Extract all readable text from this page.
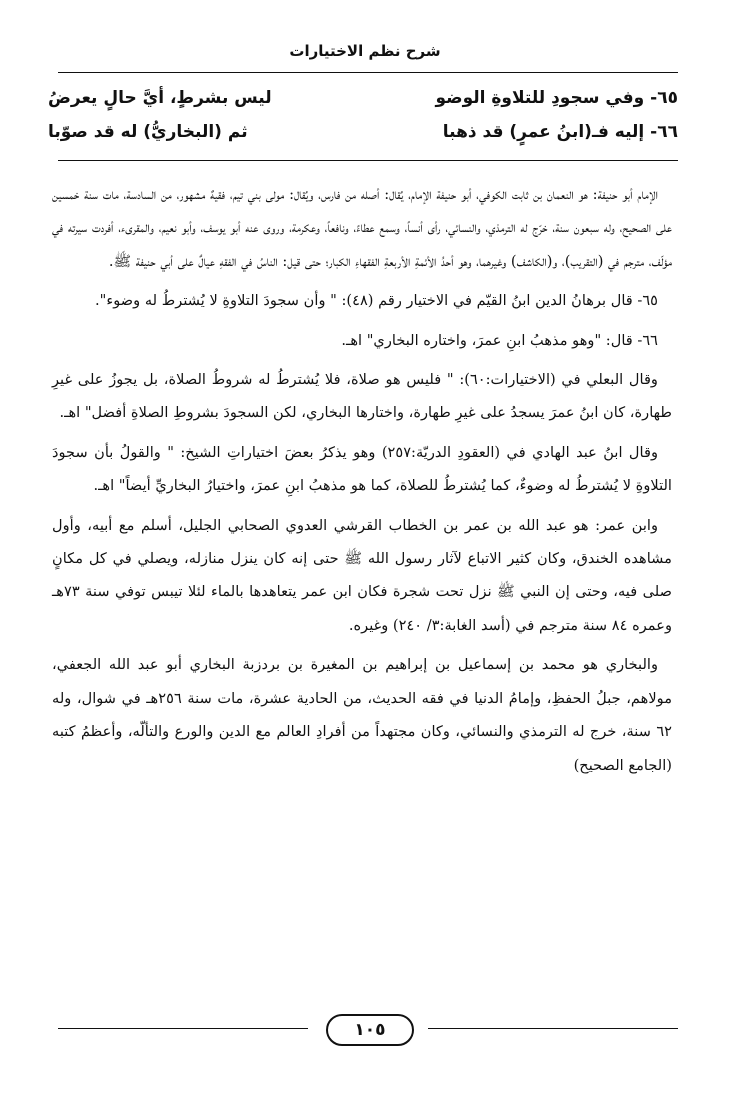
شرح نظم الاختيارات
٦٥- وفي سجودِ للتلاوةِ الوضو
ليس بشرطٍ، أيَّ حالٍ يعرضُ
٦٦- إليه فـ(ابنُ عمرٍ) قد ذهبا
ثم (البخاريُّ) له قد صوّبا

الإمام أبو حنيفة: هو النعمان بن ثابت الكوفي، أبو حنيفة الإمام، يُقال: أصله من فارس، ويُقال: مولى بني تيم، فقيهٌ مشهور، من السادسة، مات سنة خمسين على الصحيح، وله سبعون سنة، خرّج له الترمذي، والنسائي، رأى أنساً، وسمع عطاءً، ونافعاً، وعكرمة، وروى عنه أبو يوسف، وأبو نعيم، والمقرىء، أفردت سيرته في مؤلّف، مترجم في (التقريب)، و(الكاشف) وغيرهما، وهو أحدُ الأئمةِ الأربعةِ الفقهاءِ الكبار؛ حتى قيل: الناسُ في الفقهِ عيالٌ على أبي حنيفة ﷺ.

٦٥- قال برهانُ الدين ابنُ القيّم في الاختيار رقم (٤٨): " وأن سجودَ التلاوةِ لا يُشترطُ له وضوء".

٦٦- قال: "وهو مذهبُ ابنِ عمرَ، واختاره البخاري" اهـ.

وقال البعلي في (الاختيارات:٦٠): " فليس هو صلاة، فلا يُشترطُ له شروطُ الصلاة، بل يجوزُ على غيرِ طهارة، كان ابنُ عمرَ يسجدُ على غيرِ طهارة، واختارها البخاري، لكن السجودَ بشروطِ الصلاةِ أفضل" اهـ.

وقال ابنُ عبد الهادي في (العقودِ الدريّة:٢٥٧) وهو يذكرُ بعضَ اختياراتِ الشيخ: " والقولُ بأن سجودَ التلاوةِ لا يُشترطُ له وضوءٌ، كما يُشترطُ للصلاة، كما هو مذهبُ ابنِ عمرَ، واختيارُ البخاريِّ أيضاً" اهـ.

وابن عمر: هو عبد الله بن عمر بن الخطاب القرشي العدوي الصحابي الجليل، أسلم مع أبيه، وأول مشاهده الخندق، وكان كثير الاتباع لآثار رسول الله ﷺ حتى إنه كان ينزل منازله، ويصلي في كل مكانٍ صلى فيه، وحتى إن النبي ﷺ نزل تحت شجرة فكان ابن عمر يتعاهدها بالماء لئلا تيبس توفي سنة ٧٣هـ وعمره ٨٤ سنة مترجم في (أسد الغابة:٣/ ٢٤٠) وغيره.

والبخاري هو محمد بن إسماعيل بن إبراهيم بن المغيرة بن بردزبة البخاري أبو عبد الله الجعفي، مولاهم، جبلُ الحفظِ، وإمامُ الدنيا في فقه الحديث، من الحادية عشرة، مات سنة ٢٥٦هـ في شوال، وله ٦٢ سنة، خرج له الترمذي والنسائي، وكان مجتهداً من أفرادِ العالم مع الدين والورع والتألّه، وأعظمُ كتبه (الجامع الصحيح)

١٠٥
